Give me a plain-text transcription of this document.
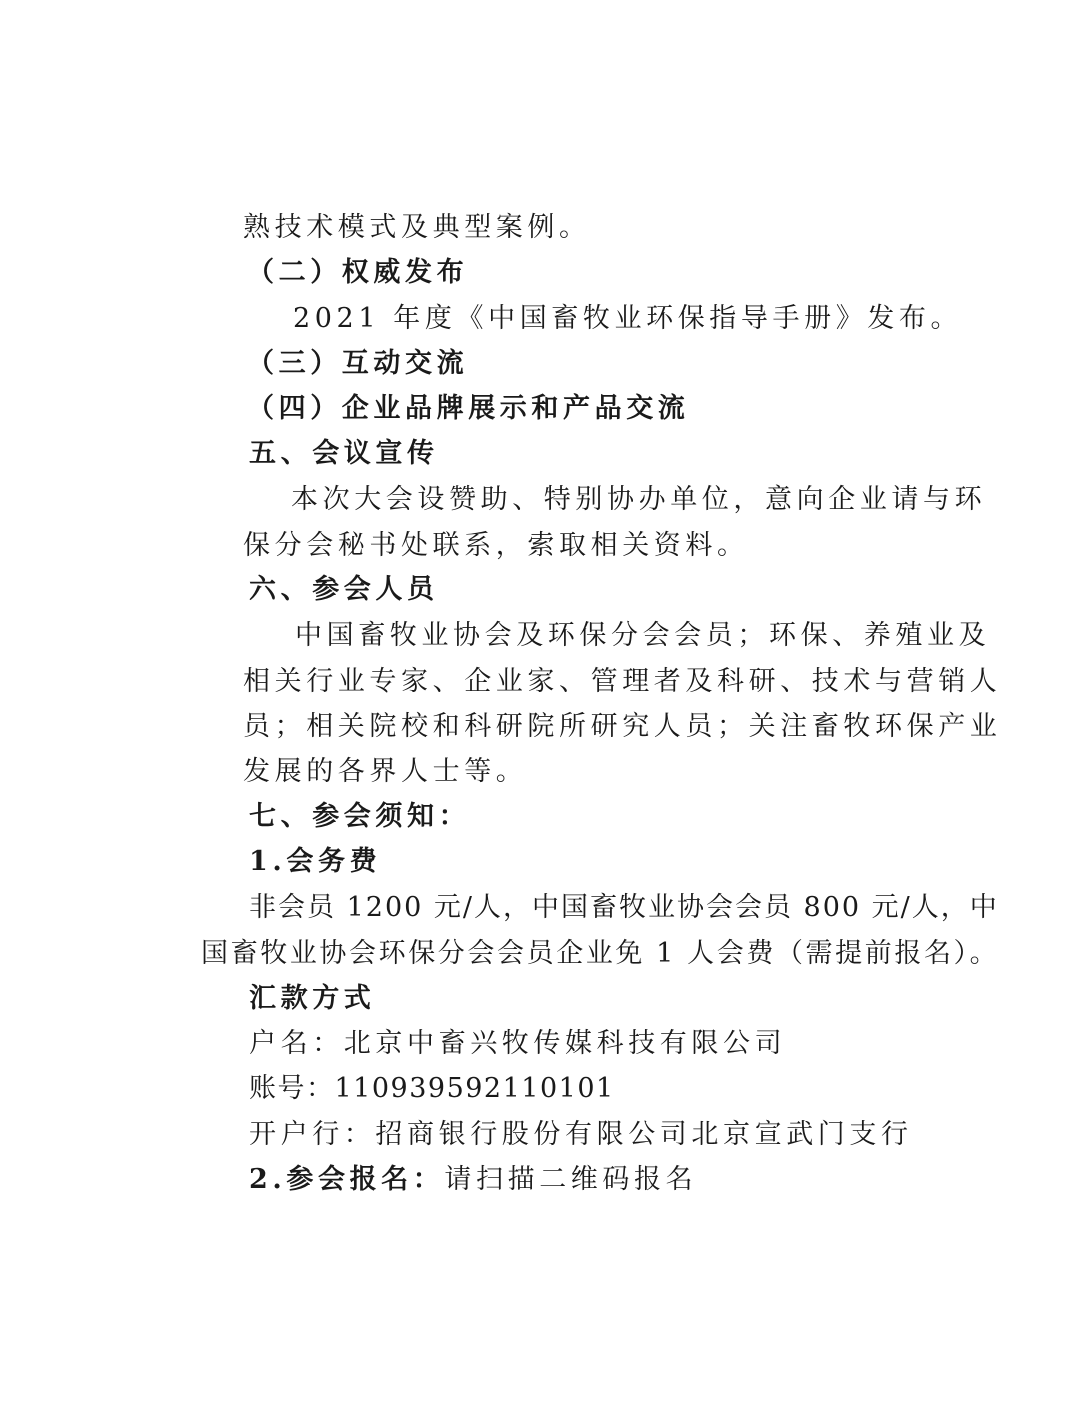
熟技术模式及典型案例。
（二）权威发布
2021 年度《中国畜牧业环保指导手册》发布。
（三）互动交流
（四）企业品牌展示和产品交流
五、会议宣传
本次大会设赞助、特别协办单位，意向企业请与环
保分会秘书处联系，索取相关资料。
六、参会人员
中国畜牧业协会及环保分会会员；环保、养殖业及
相关行业专家、企业家、管理者及科研、技术与营销人
员；相关院校和科研院所研究人员；关注畜牧环保产业
发展的各界人士等。
七、参会须知：
1.会务费
非会员 1200 元/人，中国畜牧业协会会员 800 元/人，中
国畜牧业协会环保分会会员企业免 1 人会费（需提前报名）。
汇款方式
户名：北京中畜兴牧传媒科技有限公司
账号：110939592110101
开户行：招商银行股份有限公司北京宣武门支行
2.参会报名：请扫描二维码报名
